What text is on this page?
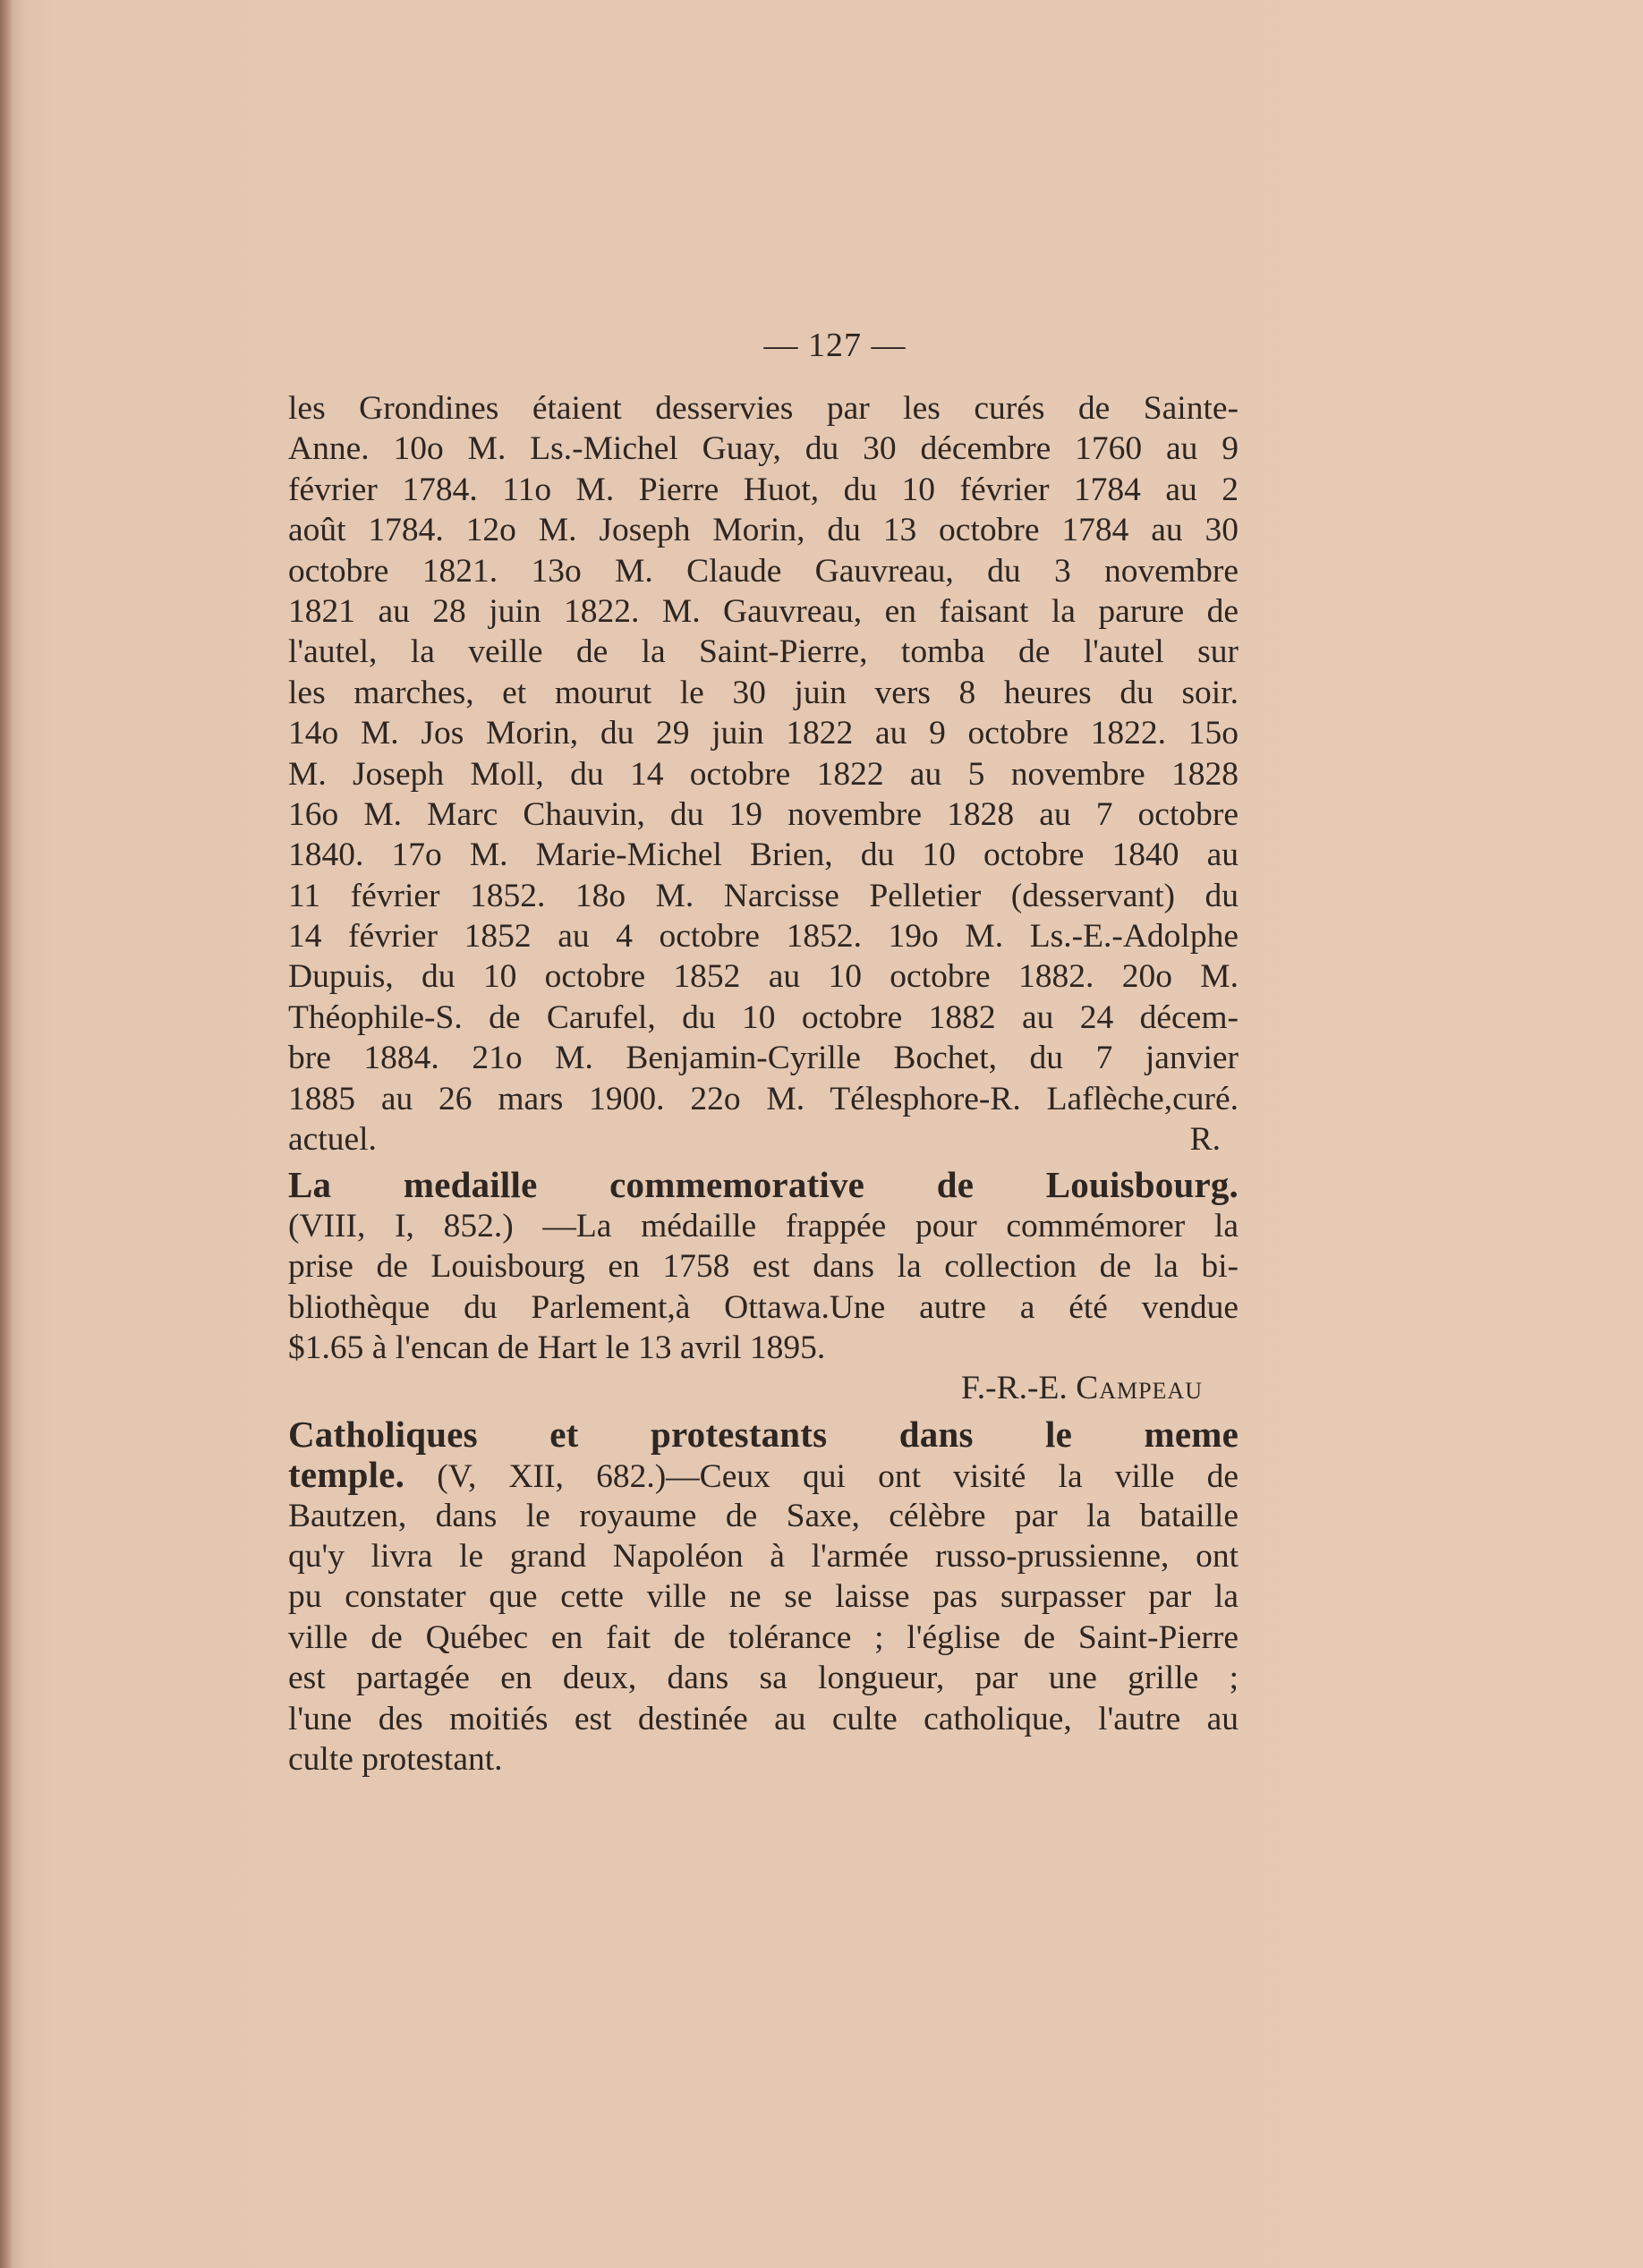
— 127 —
les Grondines étaient desservies par les curés de Sainte-
Anne. 10o M. Ls.-Michel Guay, du 30 décembre 1760 au 9
février 1784. 11o M. Pierre Huot, du 10 février 1784 au 2
août 1784. 12o M. Joseph Morin, du 13 octobre 1784 au 30
octobre 1821. 13o M. Claude Gauvreau, du 3 novembre
1821 au 28 juin 1822. M. Gauvreau, en faisant la parure de
l'autel, la veille de la Saint-Pierre, tomba de l'autel sur
les marches, et mourut le 30 juin vers 8 heures du soir.
14o M. Jos Morin, du 29 juin 1822 au 9 octobre 1822. 15o
M. Joseph Moll, du 14 octobre 1822 au 5 novembre 1828
16o M. Marc Chauvin, du 19 novembre 1828 au 7 octobre
1840. 17o M. Marie-Michel Brien, du 10 octobre 1840 au
11 février 1852. 18o M. Narcisse Pelletier (desservant) du
14 février 1852 au 4 octobre 1852. 19o M. Ls.-E.-Adolphe
Dupuis, du 10 octobre 1852 au 10 octobre 1882. 20o M.
Théophile-S. de Carufel, du 10 octobre 1882 au 24 décem-
bre 1884. 21o M. Benjamin-Cyrille Bochet, du 7 janvier
1885 au 26 mars 1900. 22o M. Télesphore-R. Laflèche,curé.
actuel.	R.
La medaille commemorative de Louisbourg.
(VIII, I, 852.) —La médaille frappée pour commémorer la
prise de Louisbourg en 1758 est dans la collection de la bi-
bliothèque du Parlement,à Ottawa.Une autre a été vendue
$1.65 à l'encan de Hart le 13 avril 1895.
F.-R.-E. Campeau
Catholiques et protestants dans le meme
temple. (V, XII, 682.)—Ceux qui ont visité la ville de
Bautzen, dans le royaume de Saxe, célèbre par la bataille
qu'y livra le grand Napoléon à l'armée russo-prussienne, ont
pu constater que cette ville ne se laisse pas surpasser par la
ville de Québec en fait de tolérance ; l'église de Saint-Pierre
est partagée en deux, dans sa longueur, par une grille ;
l'une des moitiés est destinée au culte catholique, l'autre au
culte protestant.
